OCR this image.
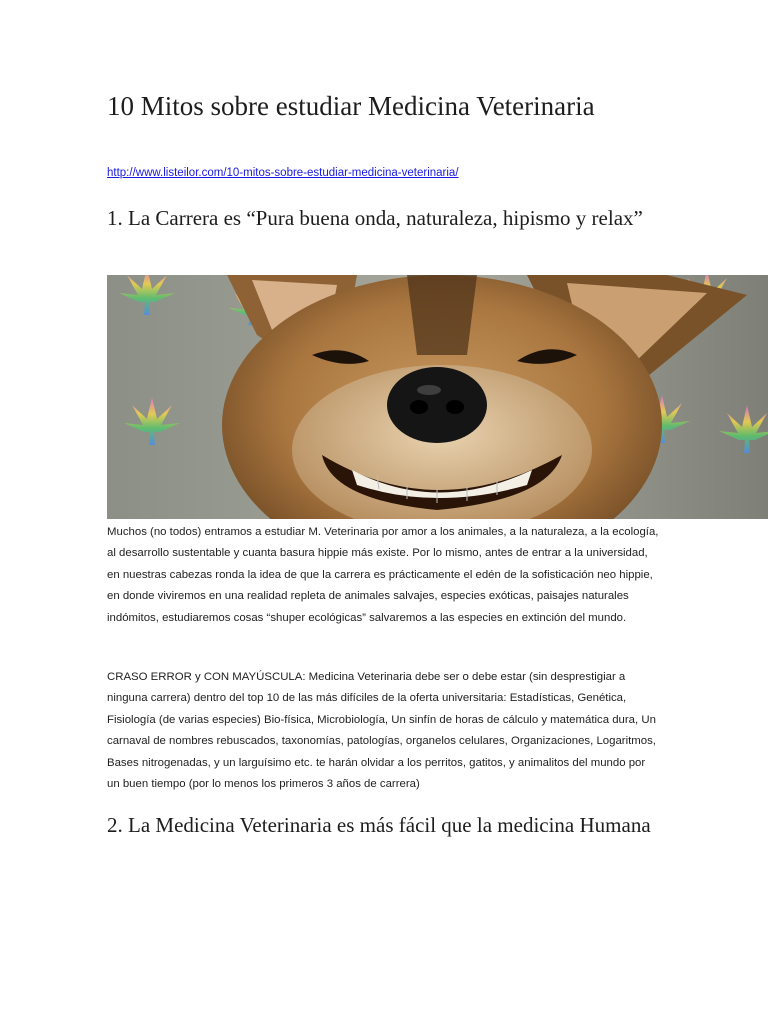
10 Mitos sobre estudiar Medicina Veterinaria
http://www.listeilor.com/10-mitos-sobre-estudiar-medicina-veterinaria/
1. La Carrera es “Pura buena onda, naturaleza, hipismo y relax”

Muchos (no todos) entramos a estudiar M. Veterinaria por amor a los animales, a la naturaleza, a la ecología, al desarrollo sustentable y cuanta basura hippie más existe. Por lo mismo, antes de entrar a la universidad, en nuestras cabezas ronda la idea de que la carrera es prácticamente el edén de la sofisticación neo hippie, en donde viviremos en una realidad repleta de animales salvajes, especies exóticas, paisajes naturales indómitos, estudiaremos cosas “shuper ecológicas” salvaremos a las especies en extinción del mundo.

CRASO ERROR y CON MAYÚSCULA: Medicina Veterinaria debe ser o debe estar (sin desprestigiar a ninguna carrera) dentro del top 10 de las más difíciles de la oferta universitaria: Estadísticas, Genética, Fisiología (de varias especies) Bio-física, Microbiología, Un sinfín de horas de cálculo y matemática dura, Un carnaval de nombres rebuscados, taxonomías, patologías, organelos celulares, Organizaciones, Logaritmos, Bases nitrogenadas, y un larguísimo etc. te harán olvidar a los perritos, gatitos, y animalitos del mundo por un buen tiempo (por lo menos los primeros 3 años de carrera)

2. La Medicina Veterinaria es más fácil que la medicina Humana
